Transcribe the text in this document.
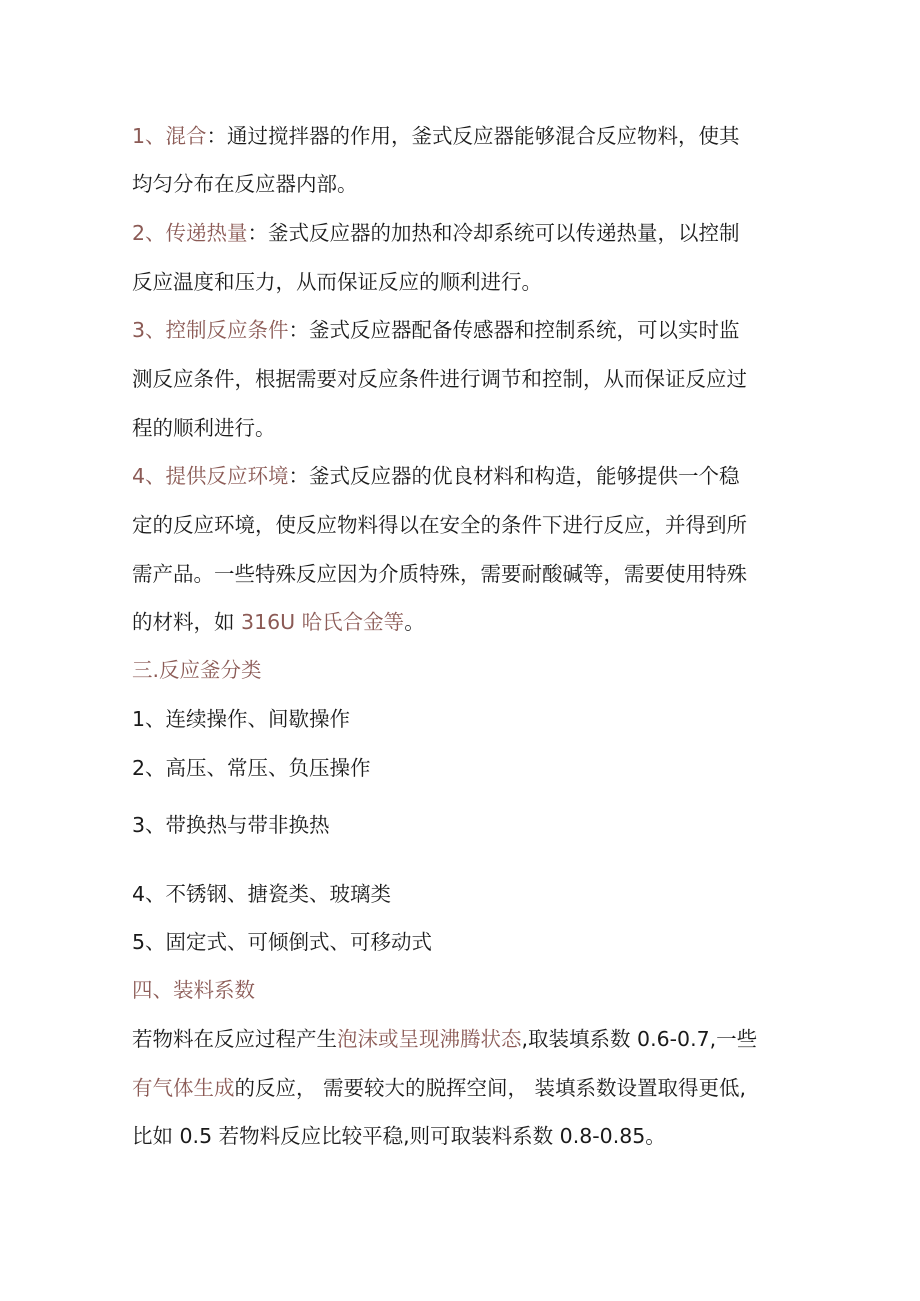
1、混合：通过搅拌器的作用，釜式反应器能够混合反应物料，使其
均匀分布在反应器内部。
2、传递热量：釜式反应器的加热和冷却系统可以传递热量，以控制
反应温度和压力，从而保证反应的顺利进行。
3、控制反应条件：釜式反应器配备传感器和控制系统，可以实时监
测反应条件，根据需要对反应条件进行调节和控制，从而保证反应过
程的顺利进行。
4、提供反应环境：釜式反应器的优良材料和构造，能够提供一个稳
定的反应环境，使反应物料得以在安全的条件下进行反应，并得到所
需产品。一些特殊反应因为介质特殊，需要耐酸碱等，需要使用特殊
的材料，如 316U 哈氏合金等。
三.反应釜分类
1、连续操作、间歇操作
2、高压、常压、负压操作
3、带换热与带非换热
4、不锈钢、搪瓷类、玻璃类
5、固定式、可倾倒式、可移动式
四、装料系数
若物料在反应过程产生泡沫或呈现沸腾状态,取装填系数 0.6-0.7,一些
有气体生成的反应， 需要较大的脱挥空间， 装填系数设置取得更低,
比如 0.5 若物料反应比较平稳,则可取装料系数 0.8-0.85。
